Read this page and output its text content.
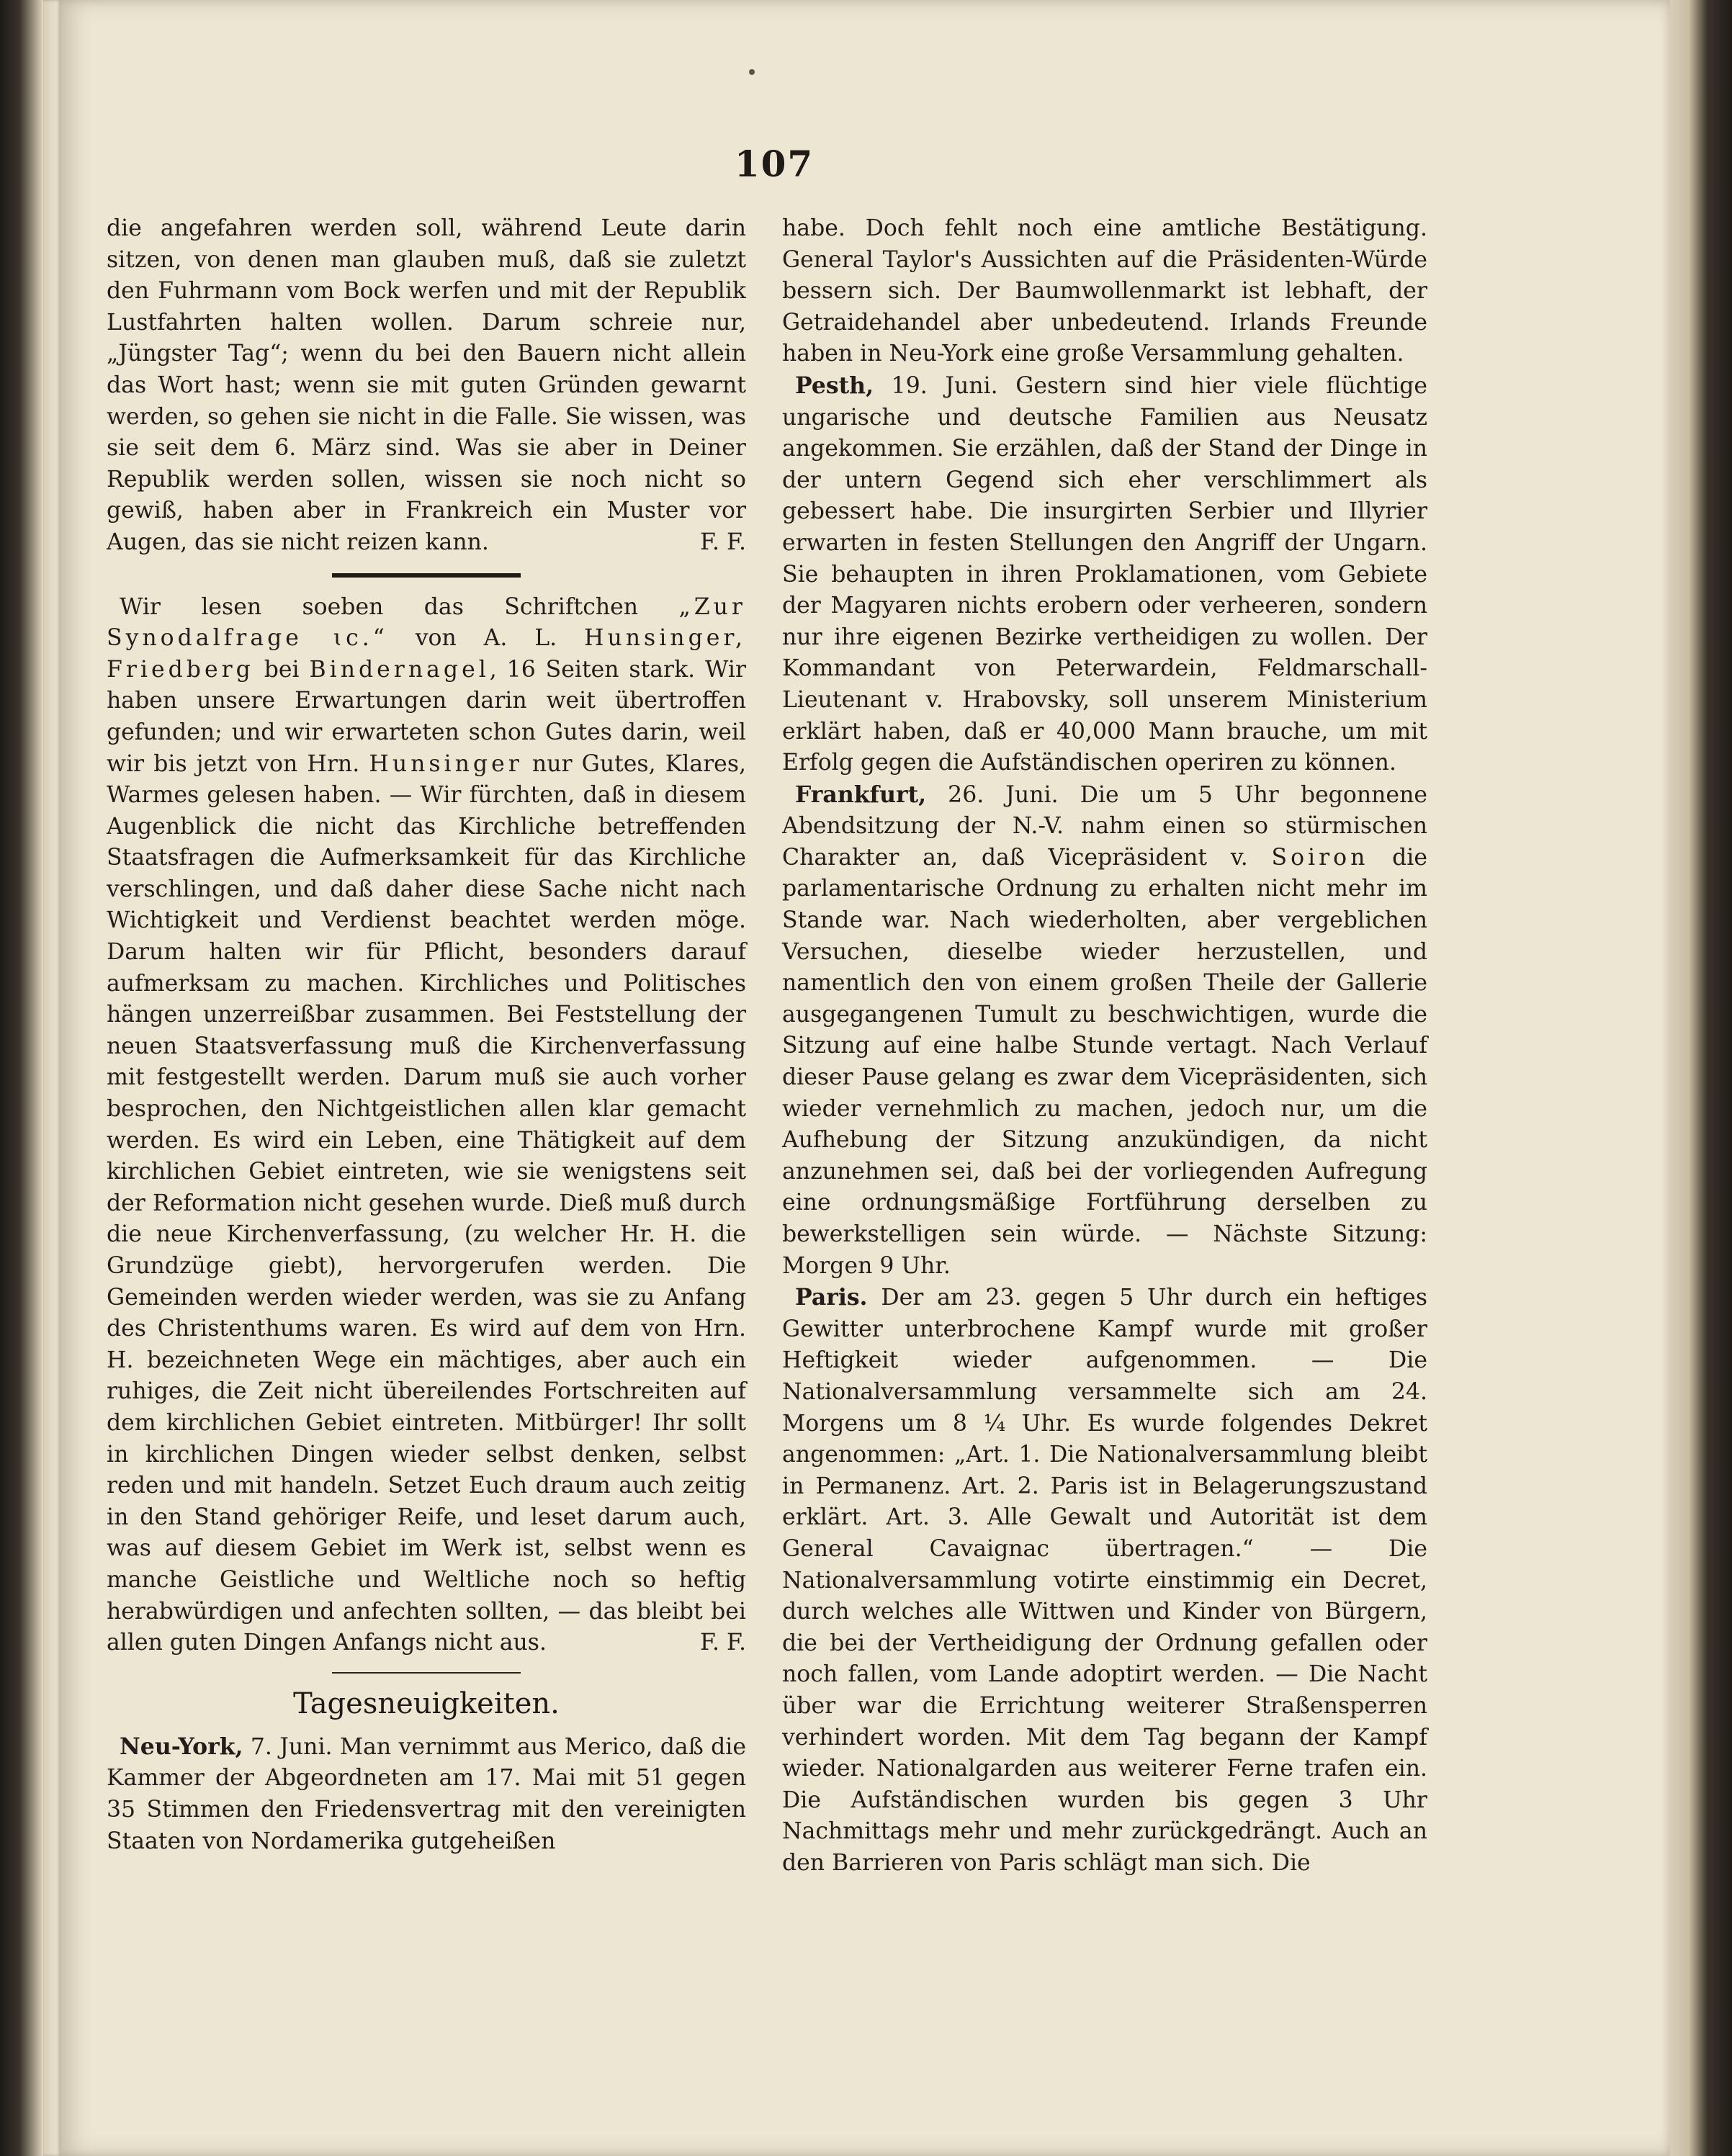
107

die angefahren werden soll, während Leute darin sitzen, von denen man glauben muß, daß sie zuletzt den Fuhrmann vom Bock werfen und mit der Republik Lustfahrten halten wollen. Darum schreie nur, „Jüngster Tag“; wenn du bei den Bauern nicht allein das Wort hast; wenn sie mit guten Gründen gewarnt werden, so gehen sie nicht in die Falle. Sie wissen, was sie seit dem 6. März sind. Was sie aber in Deiner Republik werden sollen, wissen sie noch nicht so gewiß, haben aber in Frankreich ein Muster vor Augen, das sie nicht reizen kann.	F. F.

Wir lesen soeben das Schriftchen „Zur Synodalfrage ɩc.“ von A. L. Hunsinger, Friedberg bei Bindernagel, 16 Seiten stark. Wir haben unsere Erwartungen darin weit übertroffen gefunden; und wir erwarteten schon Gutes darin, weil wir bis jetzt von Hrn. Hunsinger nur Gutes, Klares, Warmes gelesen haben. — Wir fürchten, daß in diesem Augenblick die nicht das Kirchliche betreffenden Staatsfragen die Aufmerksamkeit für das Kirchliche verschlingen, und daß daher diese Sache nicht nach Wichtigkeit und Verdienst beachtet werden möge. Darum halten wir für Pflicht, besonders darauf aufmerksam zu machen. Kirchliches und Politisches hängen unzerreißbar zusammen. Bei Feststellung der neuen Staatsverfassung muß die Kirchenverfassung mit festgestellt werden. Darum muß sie auch vorher besprochen, den Nichtgeistlichen allen klar gemacht werden. Es wird ein Leben, eine Thätigkeit auf dem kirchlichen Gebiet eintreten, wie sie wenigstens seit der Reformation nicht gesehen wurde. Dieß muß durch die neue Kirchenverfassung, (zu welcher Hr. H. die Grundzüge giebt), hervorgerufen werden. Die Gemeinden werden wieder werden, was sie zu Anfang des Christenthums waren. Es wird auf dem von Hrn. H. bezeichneten Wege ein mächtiges, aber auch ein ruhiges, die Zeit nicht übereilendes Fortschreiten auf dem kirchlichen Gebiet eintreten. Mitbürger! Ihr sollt in kirchlichen Dingen wieder selbst denken, selbst reden und mit handeln. Setzet Euch draum auch zeitig in den Stand gehöriger Reife, und leset darum auch, was auf diesem Gebiet im Werk ist, selbst wenn es manche Geistliche und Weltliche noch so heftig herabwürdigen und anfechten sollten, — das bleibt bei allen guten Dingen Anfangs nicht aus.	F. F.

Tagesneuigkeiten.

Neu-York, 7. Juni. Man vernimmt aus Merico, daß die Kammer der Abgeordneten am 17. Mai mit 51 gegen 35 Stimmen den Friedensvertrag mit den vereinigten Staaten von Nordamerika gutgeheißen

habe. Doch fehlt noch eine amtliche Bestätigung. General Taylor's Aussichten auf die Präsidenten-Würde bessern sich. Der Baumwollenmarkt ist lebhaft, der Getraidehandel aber unbedeutend. Irlands Freunde haben in Neu-York eine große Versammlung gehalten.

Pesth, 19. Juni. Gestern sind hier viele flüchtige ungarische und deutsche Familien aus Neusatz angekommen. Sie erzählen, daß der Stand der Dinge in der untern Gegend sich eher verschlimmert als gebessert habe. Die insurgirten Serbier und Illyrier erwarten in festen Stellungen den Angriff der Ungarn. Sie behaupten in ihren Proklamationen, vom Gebiete der Magyaren nichts erobern oder verheeren, sondern nur ihre eigenen Bezirke vertheidigen zu wollen. Der Kommandant von Peterwardein, Feldmarschall-Lieutenant v. Hrabovsky, soll unserem Ministerium erklärt haben, daß er 40,000 Mann brauche, um mit Erfolg gegen die Aufständischen operiren zu können.

Frankfurt, 26. Juni. Die um 5 Uhr begonnene Abendsitzung der N.-V. nahm einen so stürmischen Charakter an, daß Vicepräsident v. Soiron die parlamentarische Ordnung zu erhalten nicht mehr im Stande war. Nach wiederholten, aber vergeblichen Versuchen, dieselbe wieder herzustellen, und namentlich den von einem großen Theile der Gallerie ausgegangenen Tumult zu beschwichtigen, wurde die Sitzung auf eine halbe Stunde vertagt. Nach Verlauf dieser Pause gelang es zwar dem Vicepräsidenten, sich wieder vernehmlich zu machen, jedoch nur, um die Aufhebung der Sitzung anzukündigen, da nicht anzunehmen sei, daß bei der vorliegenden Aufregung eine ordnungsmäßige Fortführung derselben zu bewerkstelligen sein würde. — Nächste Sitzung: Morgen 9 Uhr.

Paris. Der am 23. gegen 5 Uhr durch ein heftiges Gewitter unterbrochene Kampf wurde mit großer Heftigkeit wieder aufgenommen. — Die Nationalversammlung versammelte sich am 24. Morgens um 8 ¼ Uhr. Es wurde folgendes Dekret angenommen: „Art. 1. Die Nationalversammlung bleibt in Permanenz. Art. 2. Paris ist in Belagerungszustand erklärt. Art. 3. Alle Gewalt und Autorität ist dem General Cavaignac übertragen.“ — Die Nationalversammlung votirte einstimmig ein Decret, durch welches alle Wittwen und Kinder von Bürgern, die bei der Vertheidigung der Ordnung gefallen oder noch fallen, vom Lande adoptirt werden. — Die Nacht über war die Errichtung weiterer Straßensperren verhindert worden. Mit dem Tag begann der Kampf wieder. Nationalgarden aus weiterer Ferne trafen ein. Die Aufständischen wurden bis gegen 3 Uhr Nachmittags mehr und mehr zurückgedrängt. Auch an den Barrieren von Paris schlägt man sich. Die
